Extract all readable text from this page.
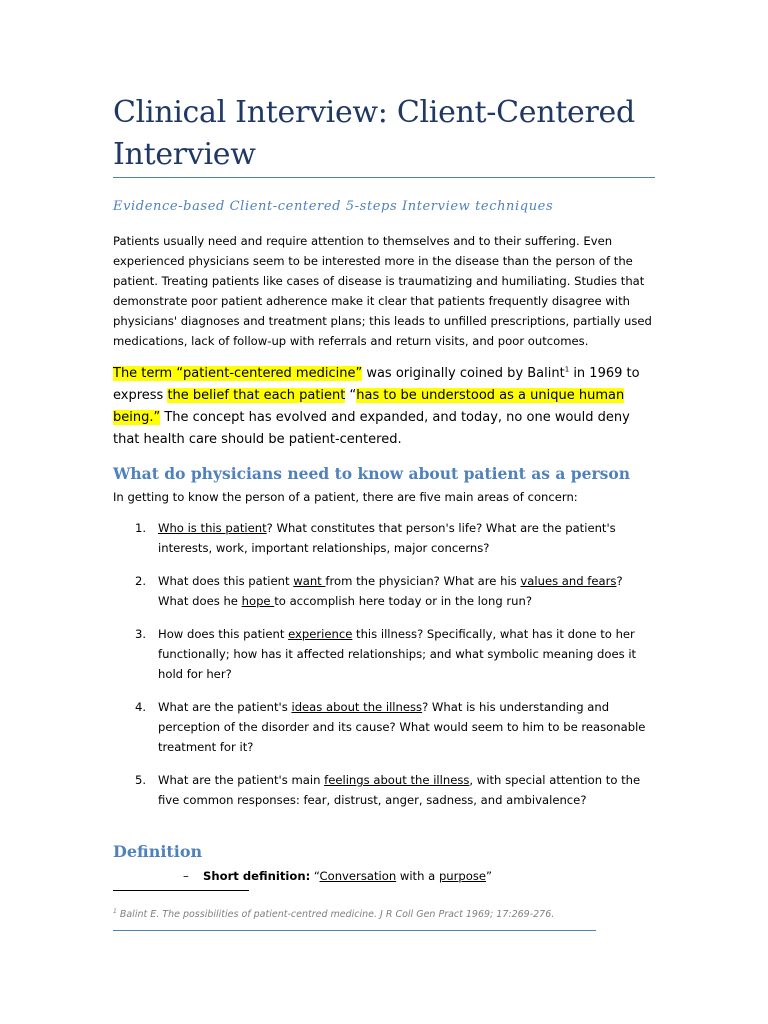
Clinical Interview: Client-Centered Interview
Evidence-based Client-centered 5-steps Interview techniques

Patients usually need and require attention to themselves and to their suffering. Even experienced physicians seem to be interested more in the disease than the person of the patient. Treating patients like cases of disease is traumatizing and humiliating. Studies that demonstrate poor patient adherence make it clear that patients frequently disagree with physicians' diagnoses and treatment plans; this leads to unfilled prescriptions, partially used medications, lack of follow-up with referrals and return visits, and poor outcomes.

The term “patient-centered medicine” was originally coined by Balint$^1$ in 1969 to express the belief that each patient “has to be understood as a unique human being.” The concept has evolved and expanded, and today, no one would deny that health care should be patient-centered.

What do physicians need to know about patient as a person

In getting to know the person of a patient, there are five main areas of concern:

1. Who is this patient? What constitutes that person's life? What are the patient's interests, work, important relationships, major concerns?
2. What does this patient want from the physician? What are his values and fears? What does he hope to accomplish here today or in the long run?
3. How does this patient experience this illness? Specifically, what has it done to her functionally; how has it affected relationships; and what symbolic meaning does it hold for her?
4. What are the patient's ideas about the illness? What is his understanding and perception of the disorder and its cause? What would seem to him to be reasonable treatment for it?
5. What are the patient's main feelings about the illness, with special attention to the five common responses: fear, distrust, anger, sadness, and ambivalence?
Definition
– Short definition: “Conversation with a purpose”
$^1$ Balint E. The possibilities of patient-centred medicine. J R Coll Gen Pract 1969; 17:269-276.
